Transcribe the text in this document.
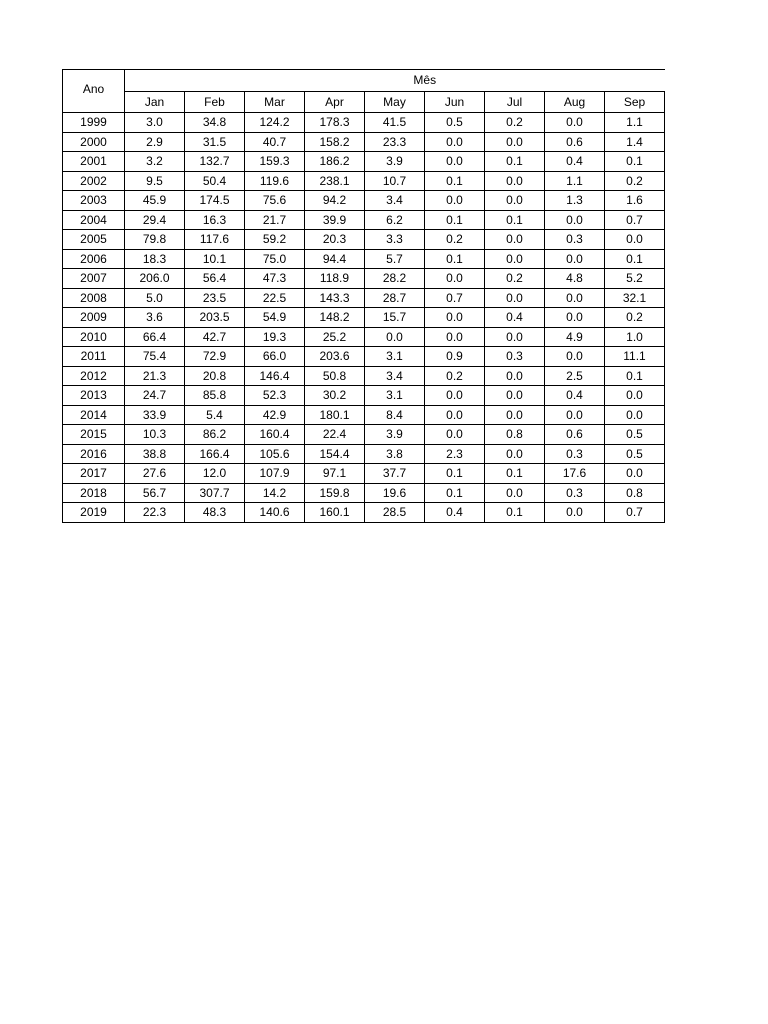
Ano	Mês								
	Jan	Feb	Mar	Apr	May	Jun	Jul	Aug	Sep
1999	3.0	34.8	124.2	178.3	41.5	0.5	0.2	0.0	1.1
2000	2.9	31.5	40.7	158.2	23.3	0.0	0.0	0.6	1.4
2001	3.2	132.7	159.3	186.2	3.9	0.0	0.1	0.4	0.1
2002	9.5	50.4	119.6	238.1	10.7	0.1	0.0	1.1	0.2
2003	45.9	174.5	75.6	94.2	3.4	0.0	0.0	1.3	1.6
2004	29.4	16.3	21.7	39.9	6.2	0.1	0.1	0.0	0.7
2005	79.8	117.6	59.2	20.3	3.3	0.2	0.0	0.3	0.0
2006	18.3	10.1	75.0	94.4	5.7	0.1	0.0	0.0	0.1
2007	206.0	56.4	47.3	118.9	28.2	0.0	0.2	4.8	5.2
2008	5.0	23.5	22.5	143.3	28.7	0.7	0.0	0.0	32.1
2009	3.6	203.5	54.9	148.2	15.7	0.0	0.4	0.0	0.2
2010	66.4	42.7	19.3	25.2	0.0	0.0	0.0	4.9	1.0
2011	75.4	72.9	66.0	203.6	3.1	0.9	0.3	0.0	11.1
2012	21.3	20.8	146.4	50.8	3.4	0.2	0.0	2.5	0.1
2013	24.7	85.8	52.3	30.2	3.1	0.0	0.0	0.4	0.0
2014	33.9	5.4	42.9	180.1	8.4	0.0	0.0	0.0	0.0
2015	10.3	86.2	160.4	22.4	3.9	0.0	0.8	0.6	0.5
2016	38.8	166.4	105.6	154.4	3.8	2.3	0.0	0.3	0.5
2017	27.6	12.0	107.9	97.1	37.7	0.1	0.1	17.6	0.0
2018	56.7	307.7	14.2	159.8	19.6	0.1	0.0	0.3	0.8
2019	22.3	48.3	140.6	160.1	28.5	0.4	0.1	0.0	0.7
